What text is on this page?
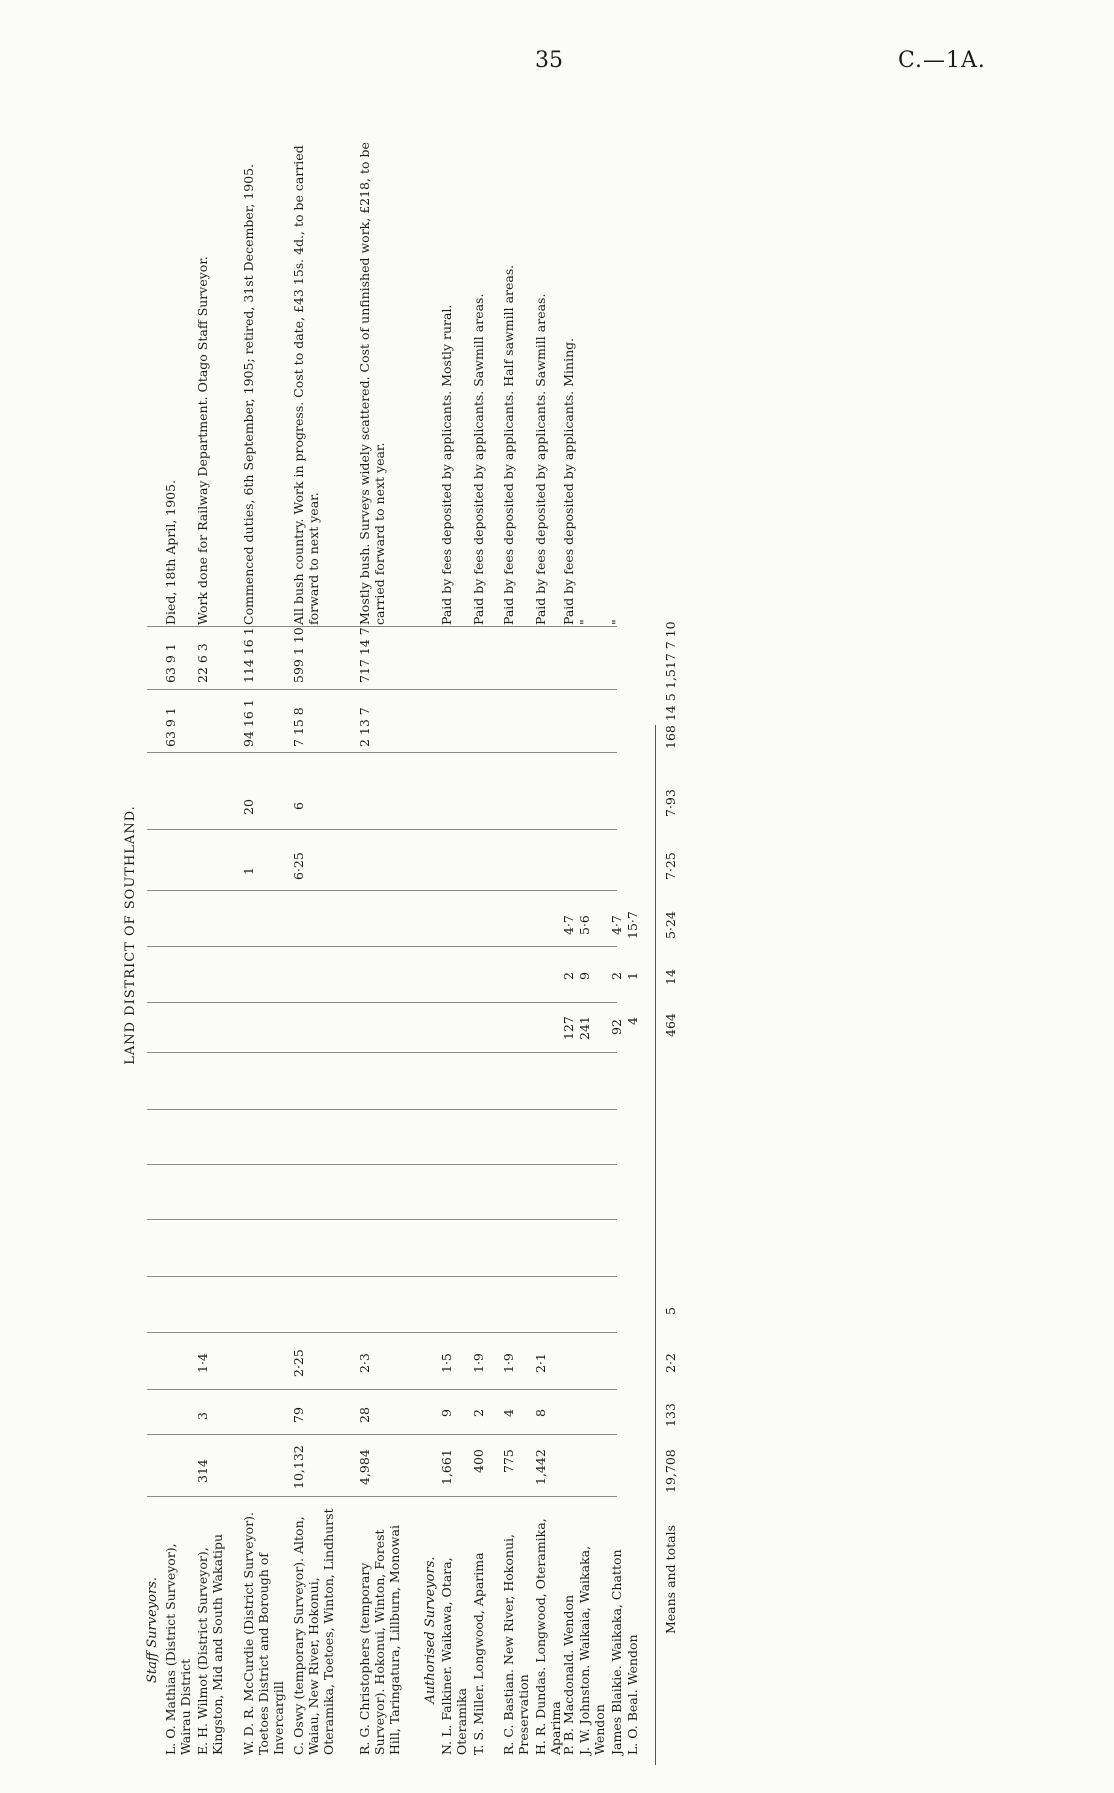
35	C.—1A.
LAND DISTRICT OF SOUTHLAND.
Staff Surveyors. L. O. Mathias (District Surveyor), Wairau District
63 9 1
63 9 1
Died, 18th April, 1905.
E. H. Wilmot (District Surveyor), Kingston, Mid and South Wakatipu
314
3
1·4
22 6 3
Work done for Railway Department. Otago Staff Surveyor.
W. D. R. McCurdie (District Surveyor). Toetoes District and Borough of Invercargill
1
20
94 16 1
114 16 1
Commenced duties, 6th September, 1905; retired, 31st December, 1905.
C. Oswy (temporary Surveyor). Alton, Waiau, New River, Hokonui, Oteramika, Toetoes, Winton, Lindhurst
10,132
79
2·25
6·25
6
7 15 8
599 1 10
All bush country. Work in progress. Cost to date, £43 15s. 4d., to be carried forward to next year.
R. G. Christophers (temporary Surveyor). Hokonui, Winton, Forest Hill, Taringatura, Lillburn, Monowai
4,984
28
2·3
2 13 7
717 14 7
Mostly bush. Surveys widely scattered. Cost of unfinished work, £218, to be carried forward to next year.
Authorised Surveyors. N. L. Falkiner. Waikawa, Otara, Oteramika
1,661
9
1·5
Paid by fees deposited by applicants. Mostly rural.
T. S. Miller. Longwood, Aparima
400
2
1·9
Paid by fees deposited by applicants. Sawmill areas.
R. C. Bastian. New River, Hokonui, Preservation
775
4
1·9
Paid by fees deposited by applicants. Half sawmill areas.
H. R. Dundas. Longwood, Oteramika, Aparima
1,442
8
2·1
Paid by fees deposited by applicants. Sawmill areas.
P. B. Macdonald. Wendon
127
2
4·7
Paid by fees deposited by applicants. Mining.
J. W. Johnston. Waikaia, Waikaka, Wendon
241
9
5·6
"
James Blaikie. Waikaka, Chatton
92
2
4·7
"
L. O. Beal. Wendon
4
1
15·7
Means and totals
19,708
133
2·2
5
464
14
5·24
7·25
7·93
168 14 5
1,517 7 10
